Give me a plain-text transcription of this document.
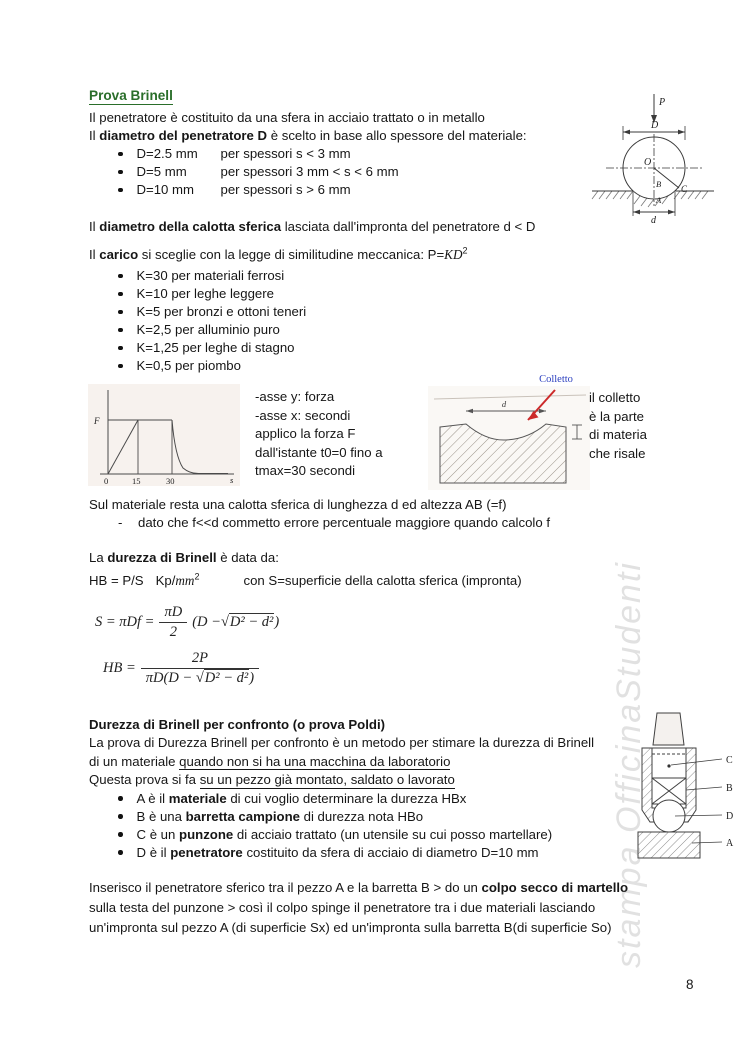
Prova Brinell
Il penetratore è costituito da una sfera in acciaio trattato o in metallo
Il diametro del penetratore D è scelto in base allo spessore del materiale:
D=2.5 mm	per spessori s < 3 mm
D=5 mm	per spessori 3 mm < s < 6 mm
D=10 mm	per spessori s > 6 mm
P
D
O
B C
A
d
Il diametro della calotta sferica lasciata dall'impronta del penetratore d < D
Il carico si sceglie con la legge di similitudine meccanica: $P=KD^2$
K=30 per materiali ferrosi
K=10 per leghe leggere
K=5 per bronzi e ottoni teneri
K=2,5 per alluminio puro
K=1,25 per leghe di stagno
K=0,5 per piombo
F
0	15	30	s
-asse y: forza
-asse x: secondi
applico la forza F
dall'istante t0=0 fino a
tmax=30 secondi
d
Colletto
il colletto
è la parte
di materia
che risale
Sul materiale resta una calotta sferica di lunghezza d ed altezza AB (=f)
-	dato che f<<d commetto errore percentuale maggiore quando calcolo f
La durezza di Brinell è data da:
HB = P/S $Kp/mm^2$	con S=superficie della calotta sferica (impronta)
$S = \pi Df = \frac{\pi D}{2} (D - √D^2 - d^2$ )
HB = $\frac{2P}{\text{πD(D − √D² − d²)}}$
Durezza di Brinell per confronto (o prova Poldi)
La prova di Durezza Brinell per confronto è un metodo per stimare la durezza di Brinell
di un materiale quando non si ha una macchina da laboratorio
Questa prova si fa su un pezzo già montato, saldato o lavorato
A è il materiale di cui voglio determinare la durezza HBx
B è una barretta campione di durezza nota HBo
C è un punzone di acciaio trattato (un utensile su cui posso martellare)
D è il penetratore costituito da sfera di acciaio di diametro D=10 mm
C
B
D
A
Inserisco il penetratore sferico tra il pezzo A e la barretta B > do un colpo secco di martello
sulla testa del punzone > così il colpo spinge il penetratore tra i due materiali lasciando
un'impronta sul pezzo A (di superficie Sx) ed un'impronta sulla barretta B(di superficie So)
8
stampa OfficinaStudenti
